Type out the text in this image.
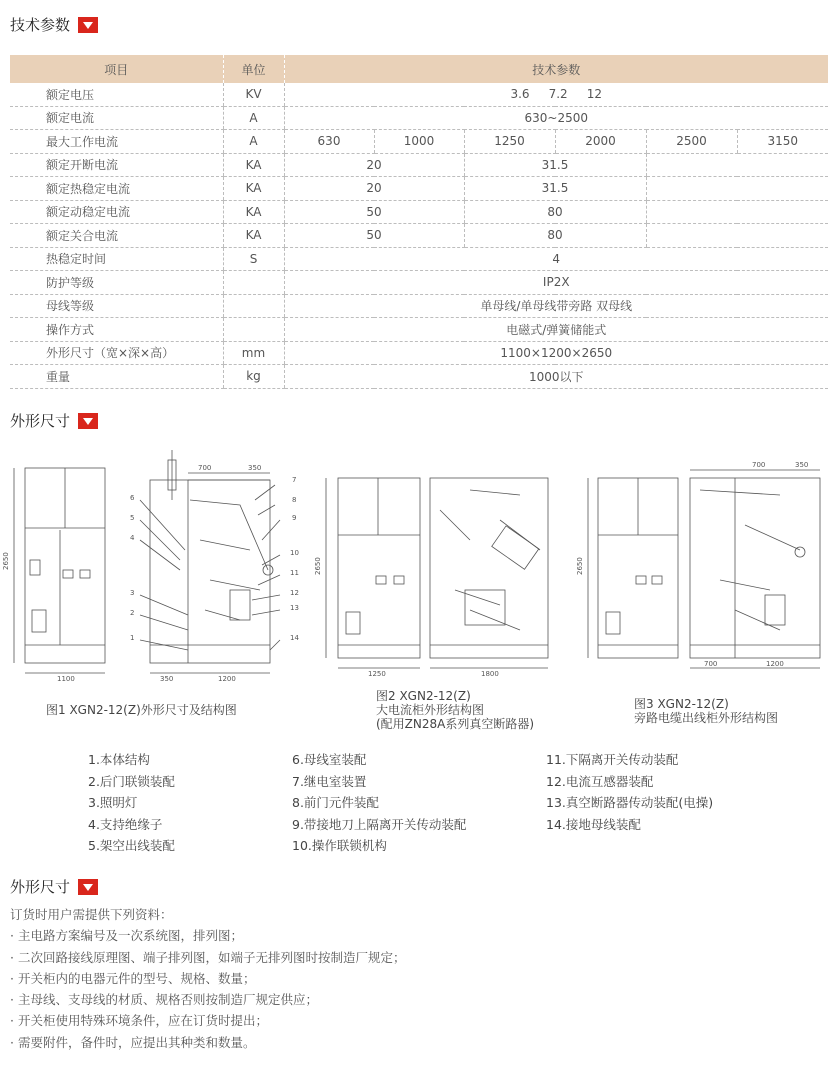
技术参数
项目	单位	技术参数					
额定电压	KV	3.6     7.2     12					
额定电流	A	630~2500					
最大工作电流	A	630	1000	1250	2000	2500	3150
额定开断电流	KA	20		31.5			
额定热稳定电流	KA	20		31.5			
额定动稳定电流	KA	50		80			
额定关合电流	KA	50		80			
热稳定时间	S	4					
防护等级		IP2X					
母线等级		单母线/单母线带旁路 双母线					
操作方式		电磁式/弹簧储能式					
外形尺寸（宽×深×高）	mm	1100×1200×2650					
重量	kg	1000以下					
外形尺寸
2650
1100
700	350
350	1200
6
5
4
3
2
1
7
8
9
10
11
12
13
14
2650
1250	1800
2650
700	350
700	1200
图1 XGN2-12(Z)外形尺寸及结构图
图2 XGN2-12(Z)
大电流柜外形结构图
(配用ZN28A系列真空断路器)
图3 XGN2-12(Z)
旁路电缆出线柜外形结构图
1.本体结构
2.后门联锁装配
3.照明灯
4.支持绝缘子
5.架空出线装配
6.母线室装配
7.继电室装置
8.前门元件装配
9.带接地刀上隔离开关传动装配
10.操作联锁机构
11.下隔离开关传动装配
12.电流互感器装配
13.真空断路器传动装配(电操)
14.接地母线装配
外形尺寸
订货时用户需提供下列资料：
· 主电路方案编号及一次系统图，排列图；
· 二次回路接线原理图、端子排列图，如端子无排列图时按制造厂规定；
· 开关柜内的电器元件的型号、规格、数量；
· 主母线、支母线的材质、规格否则按制造厂规定供应；
· 开关柜使用特殊环境条件，应在订货时提出；
· 需要附件，备件时，应提出其种类和数量。
